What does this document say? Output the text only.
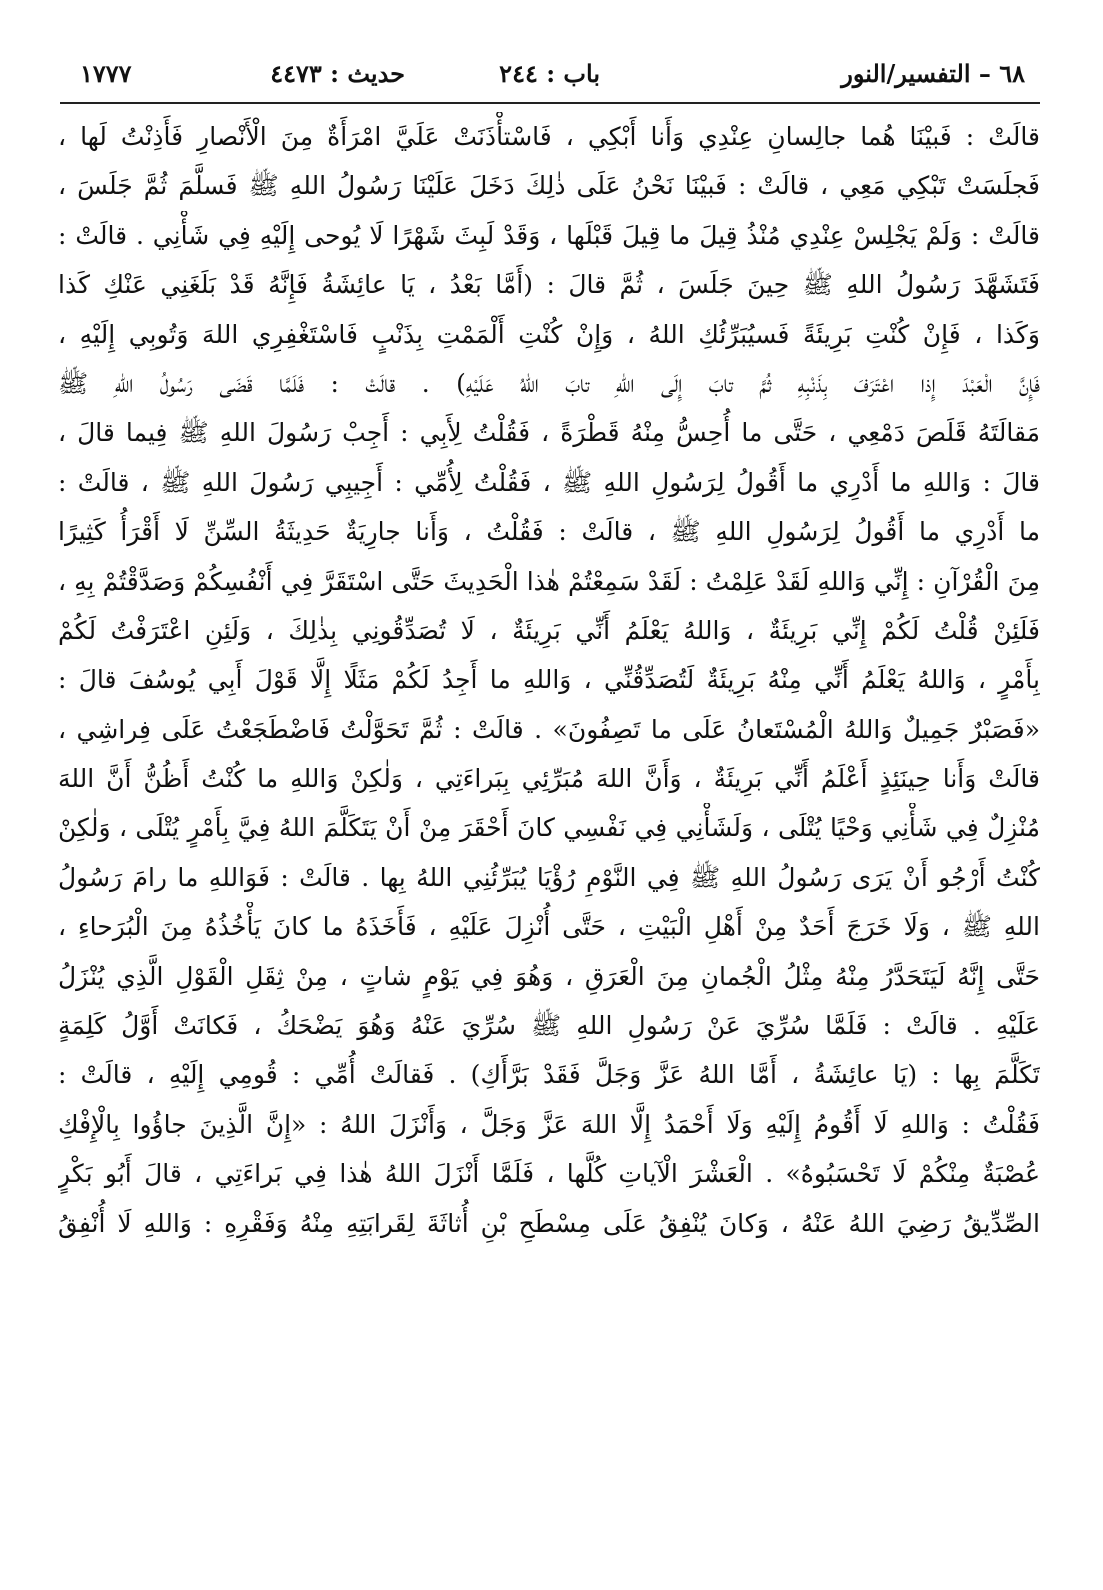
٦٨ – التفسير/النور
باب : ٢٤٤
حديث : ٤٤٧٣
١٧٧٧
قالَتْ : فَبيْنَا هُما جالِسانِ عِنْدِي وَأَنا أَبْكِي ، فَاسْتأْذَنَتْ عَلَيَّ امْرَأَةٌ مِنَ الْأَنْصارِ فَأَذِنْتُ لَها ،
فَجلَسَتْ تَبْكِي مَعِي ، قالَتْ : فَبيْنَا نَحْنُ عَلَى ذٰلِكَ دَخَلَ عَلَيْنَا رَسُولُ اللهِ ﷺ فَسلَّمَ ثُمَّ جَلَسَ ،
قالَتْ : وَلَمْ يَجْلِسْ عِنْدِي مُنْذُ قِيلَ ما قِيلَ قَبْلَها ، وَقَدْ لَبِثَ شَهْرًا لَا يُوحى إِلَيْهِ فِي شَأْنِي . قالَتْ :
فَتَشَهَّدَ رَسُولُ اللهِ ﷺ حِينَ جَلَسَ ، ثُمَّ قالَ : (أَمَّا بَعْدُ ، يَا عائِشَةُ فَإِنَّهُ قَدْ بَلَغَنِي عَنْكِ كَذا
وَكَذا ، فَإِنْ كُنْتِ بَرِيئَةً فَسيُبَرِّئُكِ اللهُ ، وَإِنْ كُنْتِ أَلْمَمْتِ بِذَنْبٍ فَاسْتَغْفِرِي اللهَ وَتُوبِي إِلَيْهِ ،
فَإِنَّ الْعَبْدَ إِذا اعْتَرَفَ بِذَنْبِهِ ثُمَّ تابَ إِلَى اللهِ تابَ اللهُ عَلَيْهِ) . قالَتْ : فَلَمَّا قَضَى رَسُولُ اللهِ ﷺ
مَقالَتَهُ قَلَصَ دَمْعِي ، حَتَّى ما أُحِسُّ مِنْهُ قَطْرَةً ، فَقُلْتُ لِأَبِي : أَجِبْ رَسُولَ اللهِ ﷺ فِيما قالَ ،
قالَ : وَاللهِ ما أَدْرِي ما أَقُولُ لِرَسُولِ اللهِ ﷺ ، فَقُلْتُ لِأُمِّي : أَجِيبِي رَسُولَ اللهِ ﷺ ، قالَتْ :
ما أَدْرِي ما أَقُولُ لِرَسُولِ اللهِ ﷺ ، قالَتْ : فَقُلْتُ ، وَأَنا جارِيَةٌ حَدِيثَةُ السِّنِّ لَا أَقْرَأُ كَثِيرًا
مِنَ الْقُرْآنِ : إِنِّي وَاللهِ لَقَدْ عَلِمْتُ : لَقَدْ سَمِعْتُمْ هٰذا الْحَدِيثَ حَتَّى اسْتَقَرَّ فِي أَنْفُسِكُمْ وَصَدَّقْتُمْ بِهِ ،
فَلَئِنْ قُلْتُ لَكُمْ إِنِّي بَرِيئَةٌ ، وَاللهُ يَعْلَمُ أَنِّي بَرِيئَةٌ ، لَا تُصَدِّقُونِي بِذٰلِكَ ، وَلَئِنِ اعْتَرَفْتُ لَكُمْ
بِأَمْرٍ ، وَاللهُ يَعْلَمُ أَنِّي مِنْهُ بَرِيئَةٌ لَتُصَدِّقُنِّي ، وَاللهِ ما أَجِدُ لَكُمْ مَثَلًا إِلَّا قَوْلَ أَبِي يُوسُفَ قالَ :
«فَصَبْرٌ جَمِيلٌ وَاللهُ الْمُسْتَعانُ عَلَى ما تَصِفُونَ» . قالَتْ : ثُمَّ تَحَوَّلْتُ فَاضْطَجَعْتُ عَلَى فِراشِي ،
قالَتْ وَأَنا حِينَئِذٍ أَعْلَمُ أَنِّي بَرِيئَةٌ ، وَأَنَّ اللهَ مُبَرِّئِي بِبَراءَتِي ، وَلٰكِنْ وَاللهِ ما كُنْتُ أَظُنُّ أَنَّ اللهَ
مُنْزِلٌ فِي شَأْنِي وَحْيًا يُتْلَى ، وَلَشَأْنِي فِي نَفْسِي كانَ أَحْقَرَ مِنْ أَنْ يَتَكَلَّمَ اللهُ فِيَّ بِأَمْرٍ يُتْلَى ، وَلٰكِنْ
كُنْتُ أَرْجُو أَنْ يَرَى رَسُولُ اللهِ ﷺ فِي النَّوْمِ رُؤْيَا يُبَرِّئُنِي اللهُ بِها . قالَتْ : فَوَاللهِ ما رامَ رَسُولُ
اللهِ ﷺ ، وَلَا خَرَجَ أَحَدٌ مِنْ أَهْلِ الْبَيْتِ ، حَتَّى أُنْزِلَ عَلَيْهِ ، فَأَخَذَهُ ما كانَ يَأْخُذُهُ مِنَ الْبُرَحاءِ ،
حَتَّى إِنَّهُ لَيَتَحَدَّرُ مِنْهُ مِثْلُ الْجُمانِ مِنَ الْعَرَقِ ، وَهُوَ فِي يَوْمٍ شاتٍ ، مِنْ ثِقَلِ الْقَوْلِ الَّذِي يُنْزَلُ
عَلَيْهِ . قالَتْ : فَلَمَّا سُرِّيَ عَنْ رَسُولِ اللهِ ﷺ سُرِّيَ عَنْهُ وَهُوَ يَضْحَكُ ، فَكانَتْ أَوَّلُ كَلِمَةٍ
تَكَلَّمَ بِها : (يَا عائِشَةُ ، أَمَّا اللهُ عَزَّ وَجَلَّ فَقَدْ بَرَّأَكِ) . فَقالَتْ أُمِّي : قُومِي إِلَيْهِ ، قالَتْ :
فَقُلْتُ : وَاللهِ لَا أَقُومُ إِلَيْهِ وَلَا أَحْمَدُ إِلَّا اللهَ عَزَّ وَجَلَّ ، وَأَنْزَلَ اللهُ : «إِنَّ الَّذِينَ جاؤُوا بِالْإِفْكِ
عُصْبَةٌ مِنْكُمْ لَا تَحْسَبُوهُ» . الْعَشْرَ الْآياتِ كُلَّها ، فَلَمَّا أَنْزَلَ اللهُ هٰذا فِي بَراءَتِي ، قالَ أَبُو بَكْرٍ
الصِّدِّيقُ رَضِيَ اللهُ عَنْهُ ، وَكانَ يُنْفِقُ عَلَى مِسْطَحِ بْنِ أُثاثَةَ لِقَرابَتِهِ مِنْهُ وَفَقْرِهِ : وَاللهِ لَا أُنْفِقُ
